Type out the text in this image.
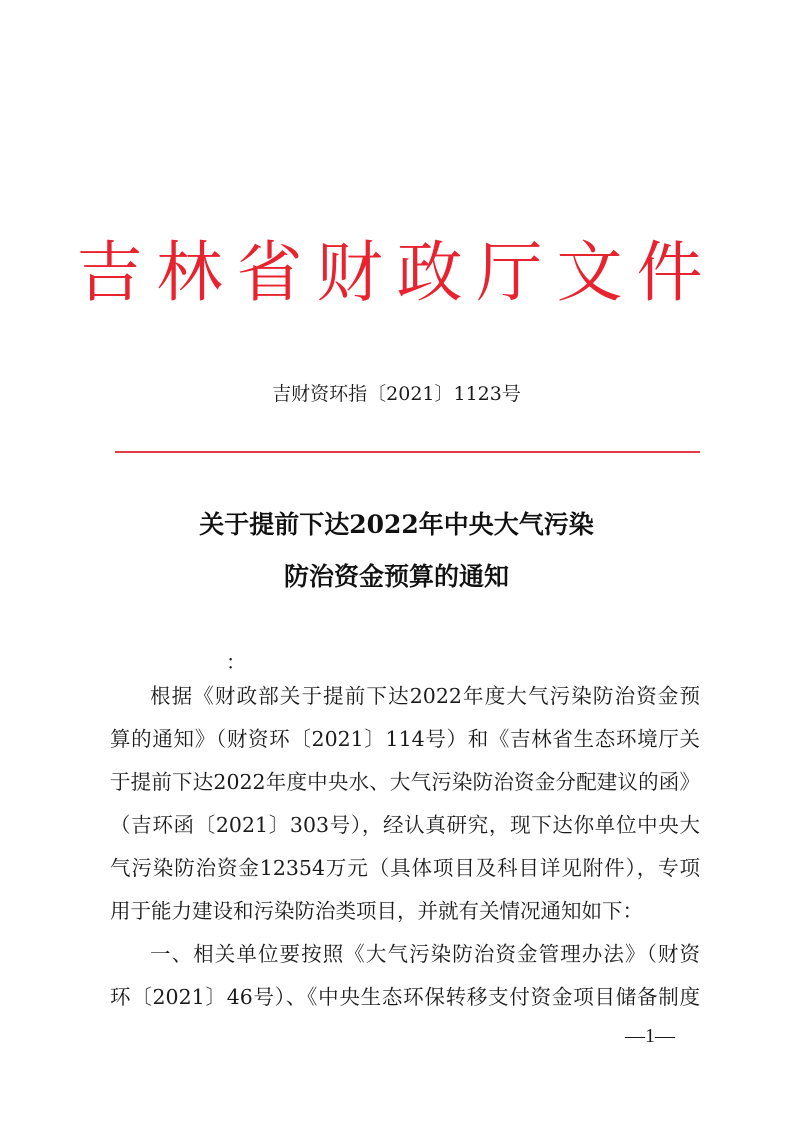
吉林省财政厅文件
吉财资环指〔2021〕1123号
关于提前下达2022年中央大气污染
防治资金预算的通知
：
根据《财政部关于提前下达2022年度大气污染防治资金预
算的通知》（财资环〔2021〕114号）和《吉林省生态环境厅关
于提前下达2022年度中央水、大气污染防治资金分配建议的函》
（吉环函〔2021〕303号），经认真研究，现下达你单位中央大
气污染防治资金12354万元（具体项目及科目详见附件），专项
用于能力建设和污染防治类项目，并就有关情况通知如下：
一、相关单位要按照《大气污染防治资金管理办法》（财资
环〔2021〕46号）、《中央生态环保转移支付资金项目储备制度
—1—
